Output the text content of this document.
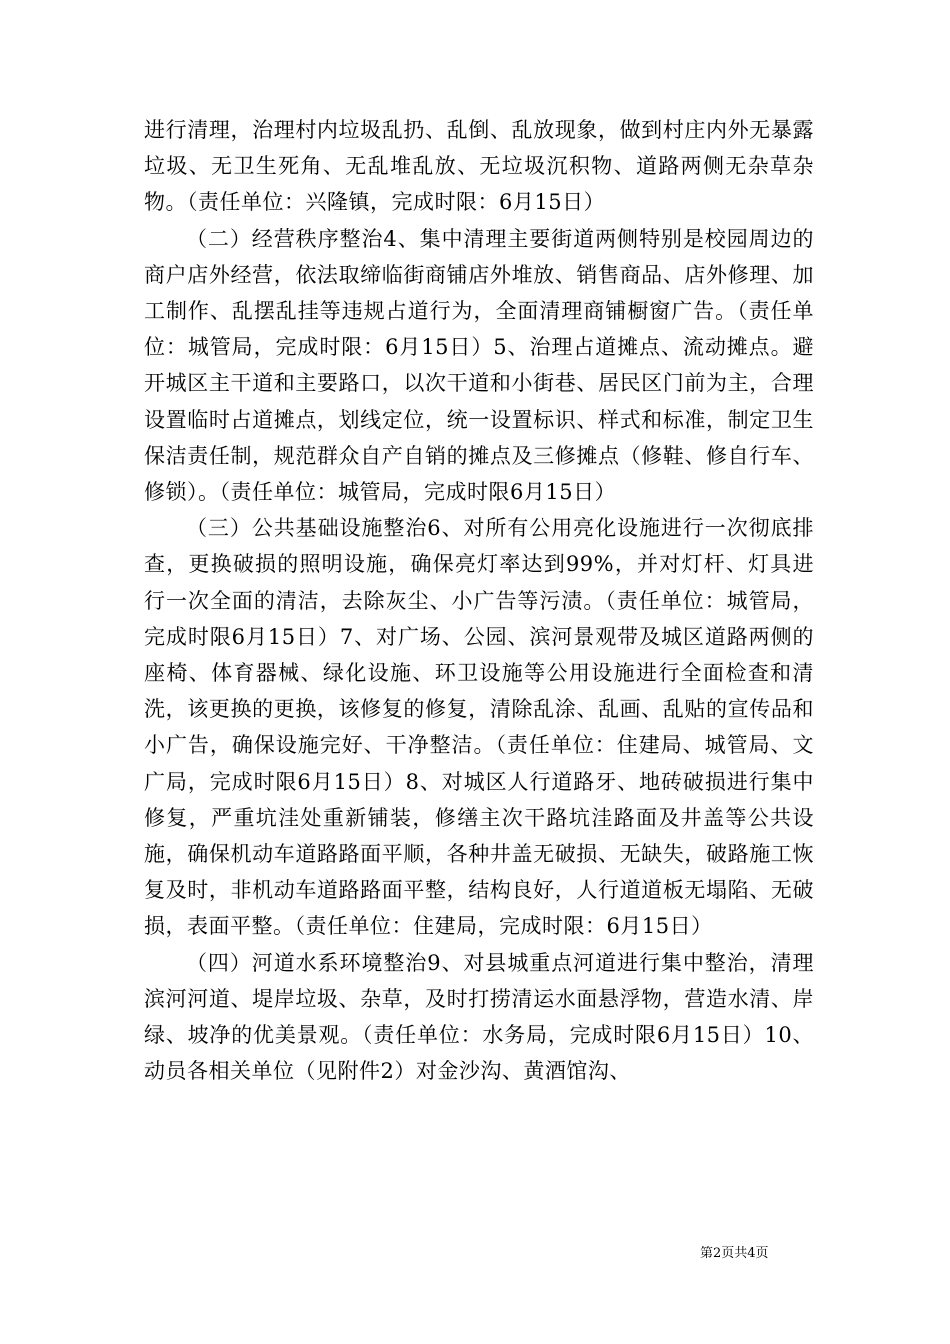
进行清理，治理村内垃圾乱扔、乱倒、乱放现象，做到村庄内外无暴露垃圾、无卫生死角、无乱堆乱放、无垃圾沉积物、道路两侧无杂草杂物。（责任单位：兴隆镇，完成时限：6月15日）

（二）经营秩序整治4、集中清理主要街道两侧特别是校园周边的商户店外经营，依法取缔临街商铺店外堆放、销售商品、店外修理、加工制作、乱摆乱挂等违规占道行为，全面清理商铺橱窗广告。（责任单位：城管局，完成时限：6月15日）5、治理占道摊点、流动摊点。避开城区主干道和主要路口，以次干道和小街巷、居民区门前为主，合理设置临时占道摊点，划线定位，统一设置标识、样式和标准，制定卫生保洁责任制，规范群众自产自销的摊点及三修摊点（修鞋、修自行车、修锁）。（责任单位：城管局，完成时限6月15日）

（三）公共基础设施整治6、对所有公用亮化设施进行一次彻底排查，更换破损的照明设施，确保亮灯率达到99%，并对灯杆、灯具进行一次全面的清洁，去除灰尘、小广告等污渍。（责任单位：城管局，完成时限6月15日）7、对广场、公园、滨河景观带及城区道路两侧的座椅、体育器械、绿化设施、环卫设施等公用设施进行全面检查和清洗，该更换的更换，该修复的修复，清除乱涂、乱画、乱贴的宣传品和小广告，确保设施完好、干净整洁。（责任单位：住建局、城管局、文广局，完成时限6月15日）8、对城区人行道路牙、地砖破损进行集中修复，严重坑洼处重新铺装，修缮主次干路坑洼路面及井盖等公共设施，确保机动车道路路面平顺，各种井盖无破损、无缺失，破路施工恢复及时，非机动车道路路面平整，结构良好，人行道道板无塌陷、无破损，表面平整。（责任单位：住建局，完成时限：6月15日）

（四）河道水系环境整治9、对县城重点河道进行集中整治，清理滨河河道、堤岸垃圾、杂草，及时打捞清运水面悬浮物，营造水清、岸绿、坡净的优美景观。（责任单位：水务局，完成时限6月15日）10、动员各相关单位（见附件2）对金沙沟、黄酒馆沟、

第2页共4页
